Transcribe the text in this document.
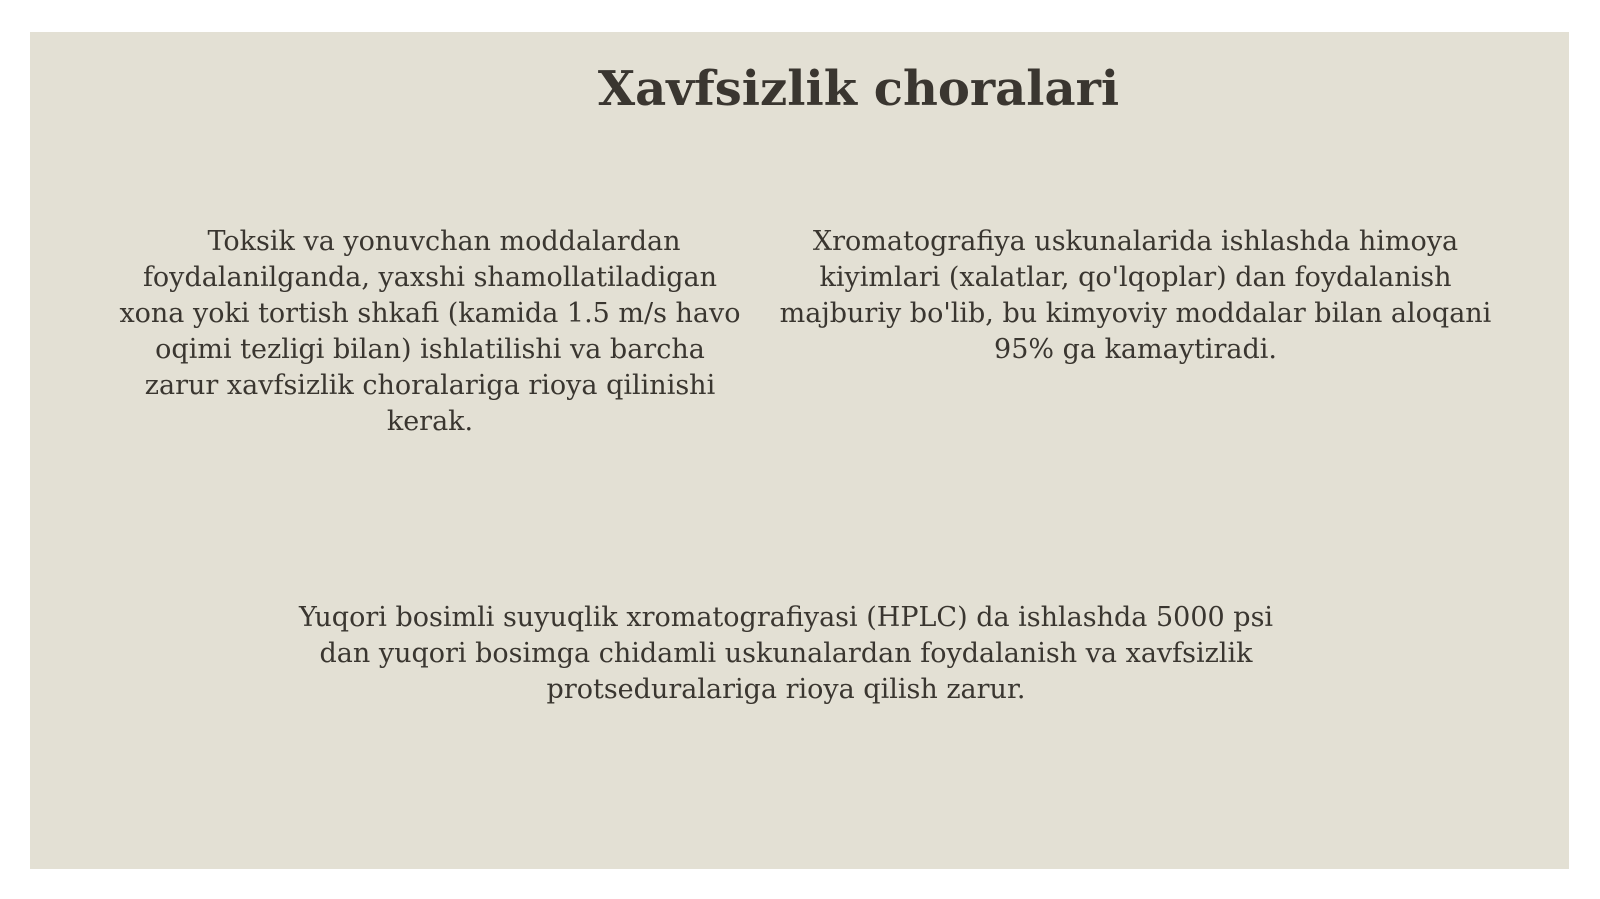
Xavfsizlik choralari

Toksik va yonuvchan moddalardan foydalanilganda, yaxshi shamollatiladigan xona yoki tortish shkafi (kamida 1.5 m/s havo oqimi tezligi bilan) ishlatilishi va barcha zarur xavfsizlik choralariga rioya qilinishi kerak.

Xromatografiya uskunalarida ishlashda himoya kiyimlari (xalatlar, qo'lqoplar) dan foydalanish majburiy bo'lib, bu kimyoviy moddalar bilan aloqani 95% ga kamaytiradi.

Yuqori bosimli suyuqlik xromatografiyasi (HPLC) da ishlashda 5000 psi dan yuqori bosimga chidamli uskunalardan foydalanish va xavfsizlik protseduralariga rioya qilish zarur.
